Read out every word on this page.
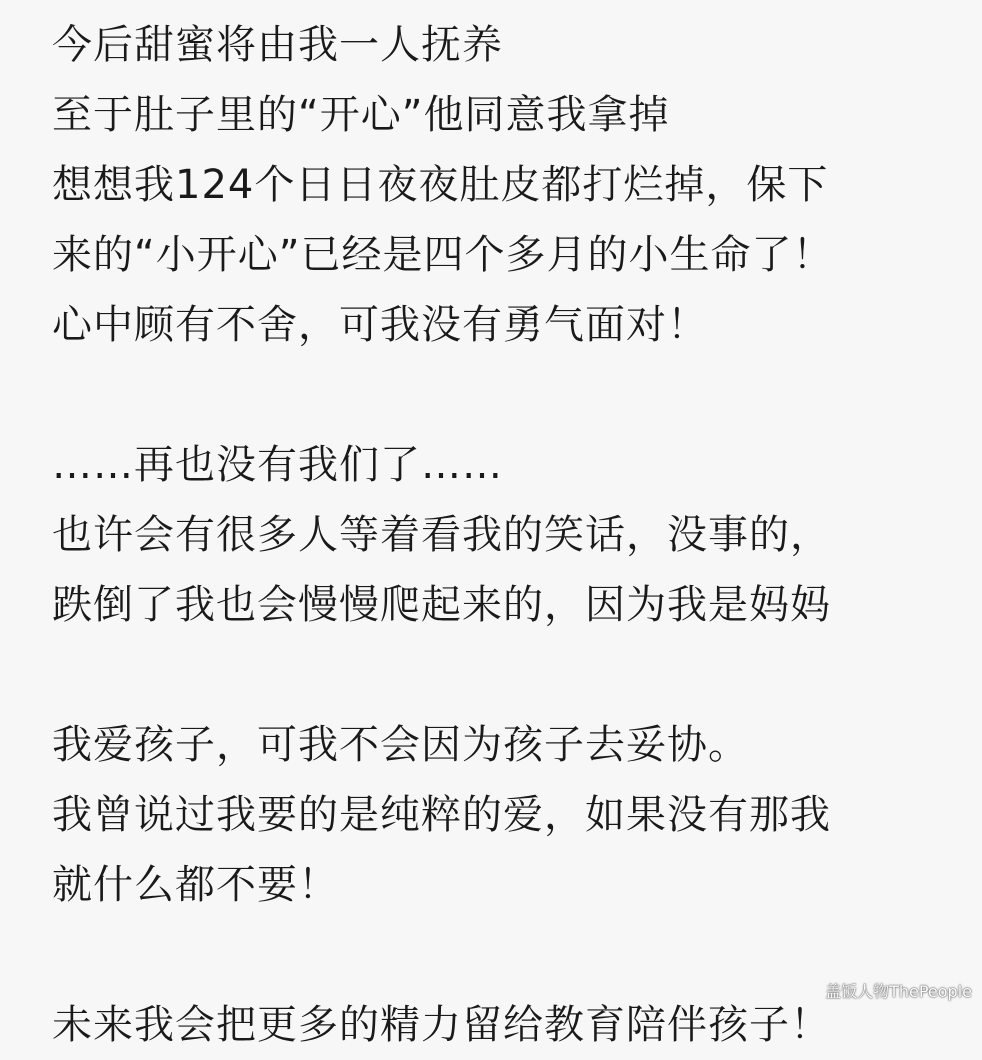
今后甜蜜将由我一人抚养
至于肚子里的“开心”他同意我拿掉
想想我124个日日夜夜肚皮都打烂掉，保下
来的“小开心”已经是四个多月的小生命了！
心中顾有不舍，可我没有勇气面对！
……再也没有我们了……
也许会有很多人等着看我的笑话，没事的，
跌倒了我也会慢慢爬起来的，因为我是妈妈
我爱孩子，可我不会因为孩子去妥协。
我曾说过我要的是纯粹的爱，如果没有那我
就什么都不要！
未来我会把更多的精力留给教育陪伴孩子！
盖饭人物ThePeople
